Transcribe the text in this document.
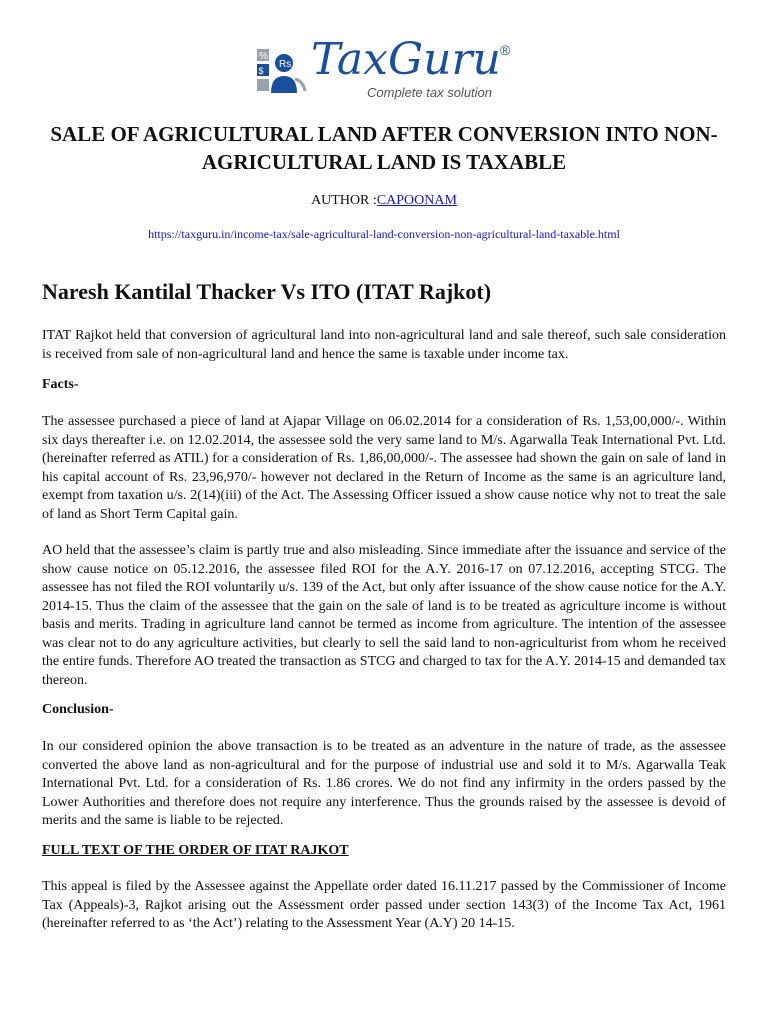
%
$
Rs TaxGuru ®
Complete tax solution
SALE OF AGRICULTURAL LAND AFTER CONVERSION INTO NON-AGRICULTURAL LAND IS TAXABLE
AUTHOR :CAPOONAM
https://taxguru.in/income-tax/sale-agricultural-land-conversion-non-agricultural-land-taxable.html
Naresh Kantilal Thacker Vs ITO (ITAT Rajkot)
ITAT Rajkot held that conversion of agricultural land into non-agricultural land and sale thereof, such sale consideration is received from sale of non-agricultural land and hence the same is taxable under income tax.
Facts-
The assessee purchased a piece of land at Ajapar Village on 06.02.2014 for a consideration of Rs. 1,53,00,000/-. Within six days thereafter i.e. on 12.02.2014, the assessee sold the very same land to M/s. Agarwalla Teak International Pvt. Ltd. (hereinafter referred as ATIL) for a consideration of Rs. 1,86,00,000/-. The assessee had shown the gain on sale of land in his capital account of Rs. 23,96,970/- however not declared in the Return of Income as the same is an agriculture land, exempt from taxation u/s. 2(14)(iii) of the Act. The Assessing Officer issued a show cause notice why not to treat the sale of land as Short Term Capital gain.
AO held that the assessee’s claim is partly true and also misleading. Since immediate after the issuance and service of the show cause notice on 05.12.2016, the assessee filed ROI for the A.Y. 2016-17 on 07.12.2016, accepting STCG. The assessee has not filed the ROI voluntarily u/s. 139 of the Act, but only after issuance of the show cause notice for the A.Y. 2014-15. Thus the claim of the assessee that the gain on the sale of land is to be treated as agriculture income is without basis and merits. Trading in agriculture land cannot be termed as income from agriculture. The intention of the assessee was clear not to do any agriculture activities, but clearly to sell the said land to non-agriculturist from whom he received the entire funds. Therefore AO treated the transaction as STCG and charged to tax for the A.Y. 2014-15 and demanded tax thereon.
Conclusion-
In our considered opinion the above transaction is to be treated as an adventure in the nature of trade, as the assessee converted the above land as non-agricultural and for the purpose of industrial use and sold it to M/s. Agarwalla Teak International Pvt. Ltd. for a consideration of Rs. 1.86 crores. We do not find any infirmity in the orders passed by the Lower Authorities and therefore does not require any interference. Thus the grounds raised by the assessee is devoid of merits and the same is liable to be rejected.
FULL TEXT OF THE ORDER OF ITAT RAJKOT
This appeal is filed by the Assessee against the Appellate order dated 16.11.217 passed by the Commissioner of Income Tax (Appeals)-3, Rajkot arising out the Assessment order passed under section 143(3) of the Income Tax Act, 1961 (hereinafter referred to as ‘the Act’) relating to the Assessment Year (A.Y) 20 14-15.
